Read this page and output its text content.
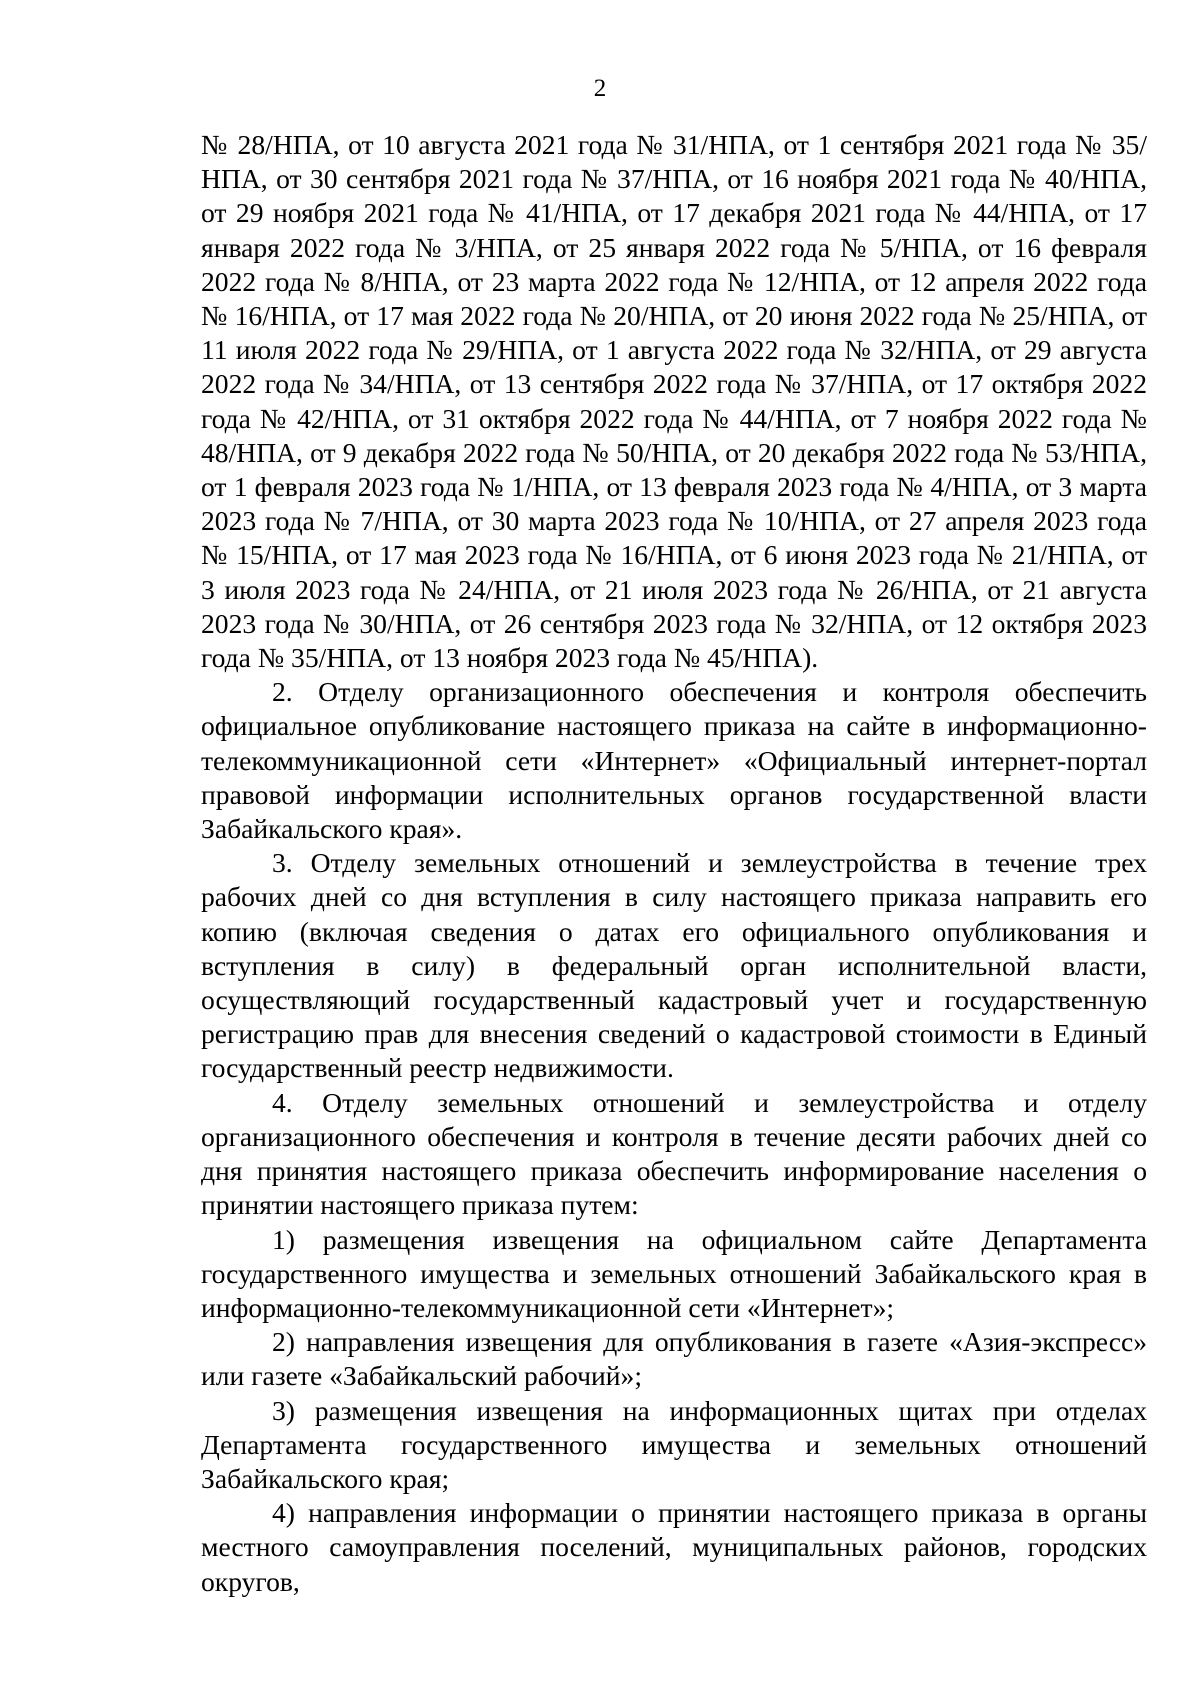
2

№ 28/НПА, от 10 августа 2021 года № 31/НПА, от 1 сентября 2021 года № 35/НПА, от 30 сентября 2021 года № 37/НПА, от 16 ноября 2021 года № 40/НПА, от 29 ноября 2021 года № 41/НПА, от 17 декабря 2021 года № 44/НПА, от 17 января 2022 года № 3/НПА, от 25 января 2022 года № 5/НПА, от 16 февраля 2022 года № 8/НПА, от 23 марта 2022 года № 12/НПА, от 12 апреля 2022 года № 16/НПА, от 17 мая 2022 года № 20/НПА, от 20 июня 2022 года № 25/НПА, от 11 июля 2022 года № 29/НПА, от 1 августа 2022 года № 32/НПА, от 29 августа 2022 года № 34/НПА, от 13 сентября 2022 года № 37/НПА, от 17 октября 2022 года № 42/НПА, от 31 октября 2022 года № 44/НПА, от 7 ноября 2022 года № 48/НПА, от 9 декабря 2022 года № 50/НПА, от 20 декабря 2022 года № 53/НПА, от 1 февраля 2023 года № 1/НПА, от 13 февраля 2023 года № 4/НПА, от 3 марта 2023 года № 7/НПА, от 30 марта 2023 года № 10/НПА, от 27 апреля 2023 года № 15/НПА, от 17 мая 2023 года № 16/НПА, от 6 июня 2023 года № 21/НПА, от 3 июля 2023 года № 24/НПА, от 21 июля 2023 года № 26/НПА, от 21 августа 2023 года № 30/НПА, от 26 сентября 2023 года № 32/НПА, от 12 октября 2023 года № 35/НПА, от 13 ноября 2023 года № 45/НПА).

2. Отделу организационного обеспечения и контроля обеспечить официальное опубликование настоящего приказа на сайте в информационно-телекоммуникационной сети «Интернет» «Официальный интернет-портал правовой информации исполнительных органов государственной власти Забайкальского края».

3. Отделу земельных отношений и землеустройства в течение трех рабочих дней со дня вступления в силу настоящего приказа направить его копию (включая сведения о датах его официального опубликования и вступления в силу) в федеральный орган исполнительной власти, осуществляющий государственный кадастровый учет и государственную регистрацию прав для внесения сведений о кадастровой стоимости в Единый государственный реестр недвижимости.

4. Отделу земельных отношений и землеустройства и отделу организационного обеспечения и контроля в течение десяти рабочих дней со дня принятия настоящего приказа обеспечить информирование населения о принятии настоящего приказа путем:

1) размещения извещения на официальном сайте Департамента государственного имущества и земельных отношений Забайкальского края в информационно-телекоммуникационной сети «Интернет»;

2) направления извещения для опубликования в газете «Азия-экспресс» или газете «Забайкальский рабочий»;

3) размещения извещения на информационных щитах при отделах Департамента государственного имущества и земельных отношений Забайкальского края;

4) направления информации о принятии настоящего приказа в органы местного самоуправления поселений, муниципальных районов, городских округов,
